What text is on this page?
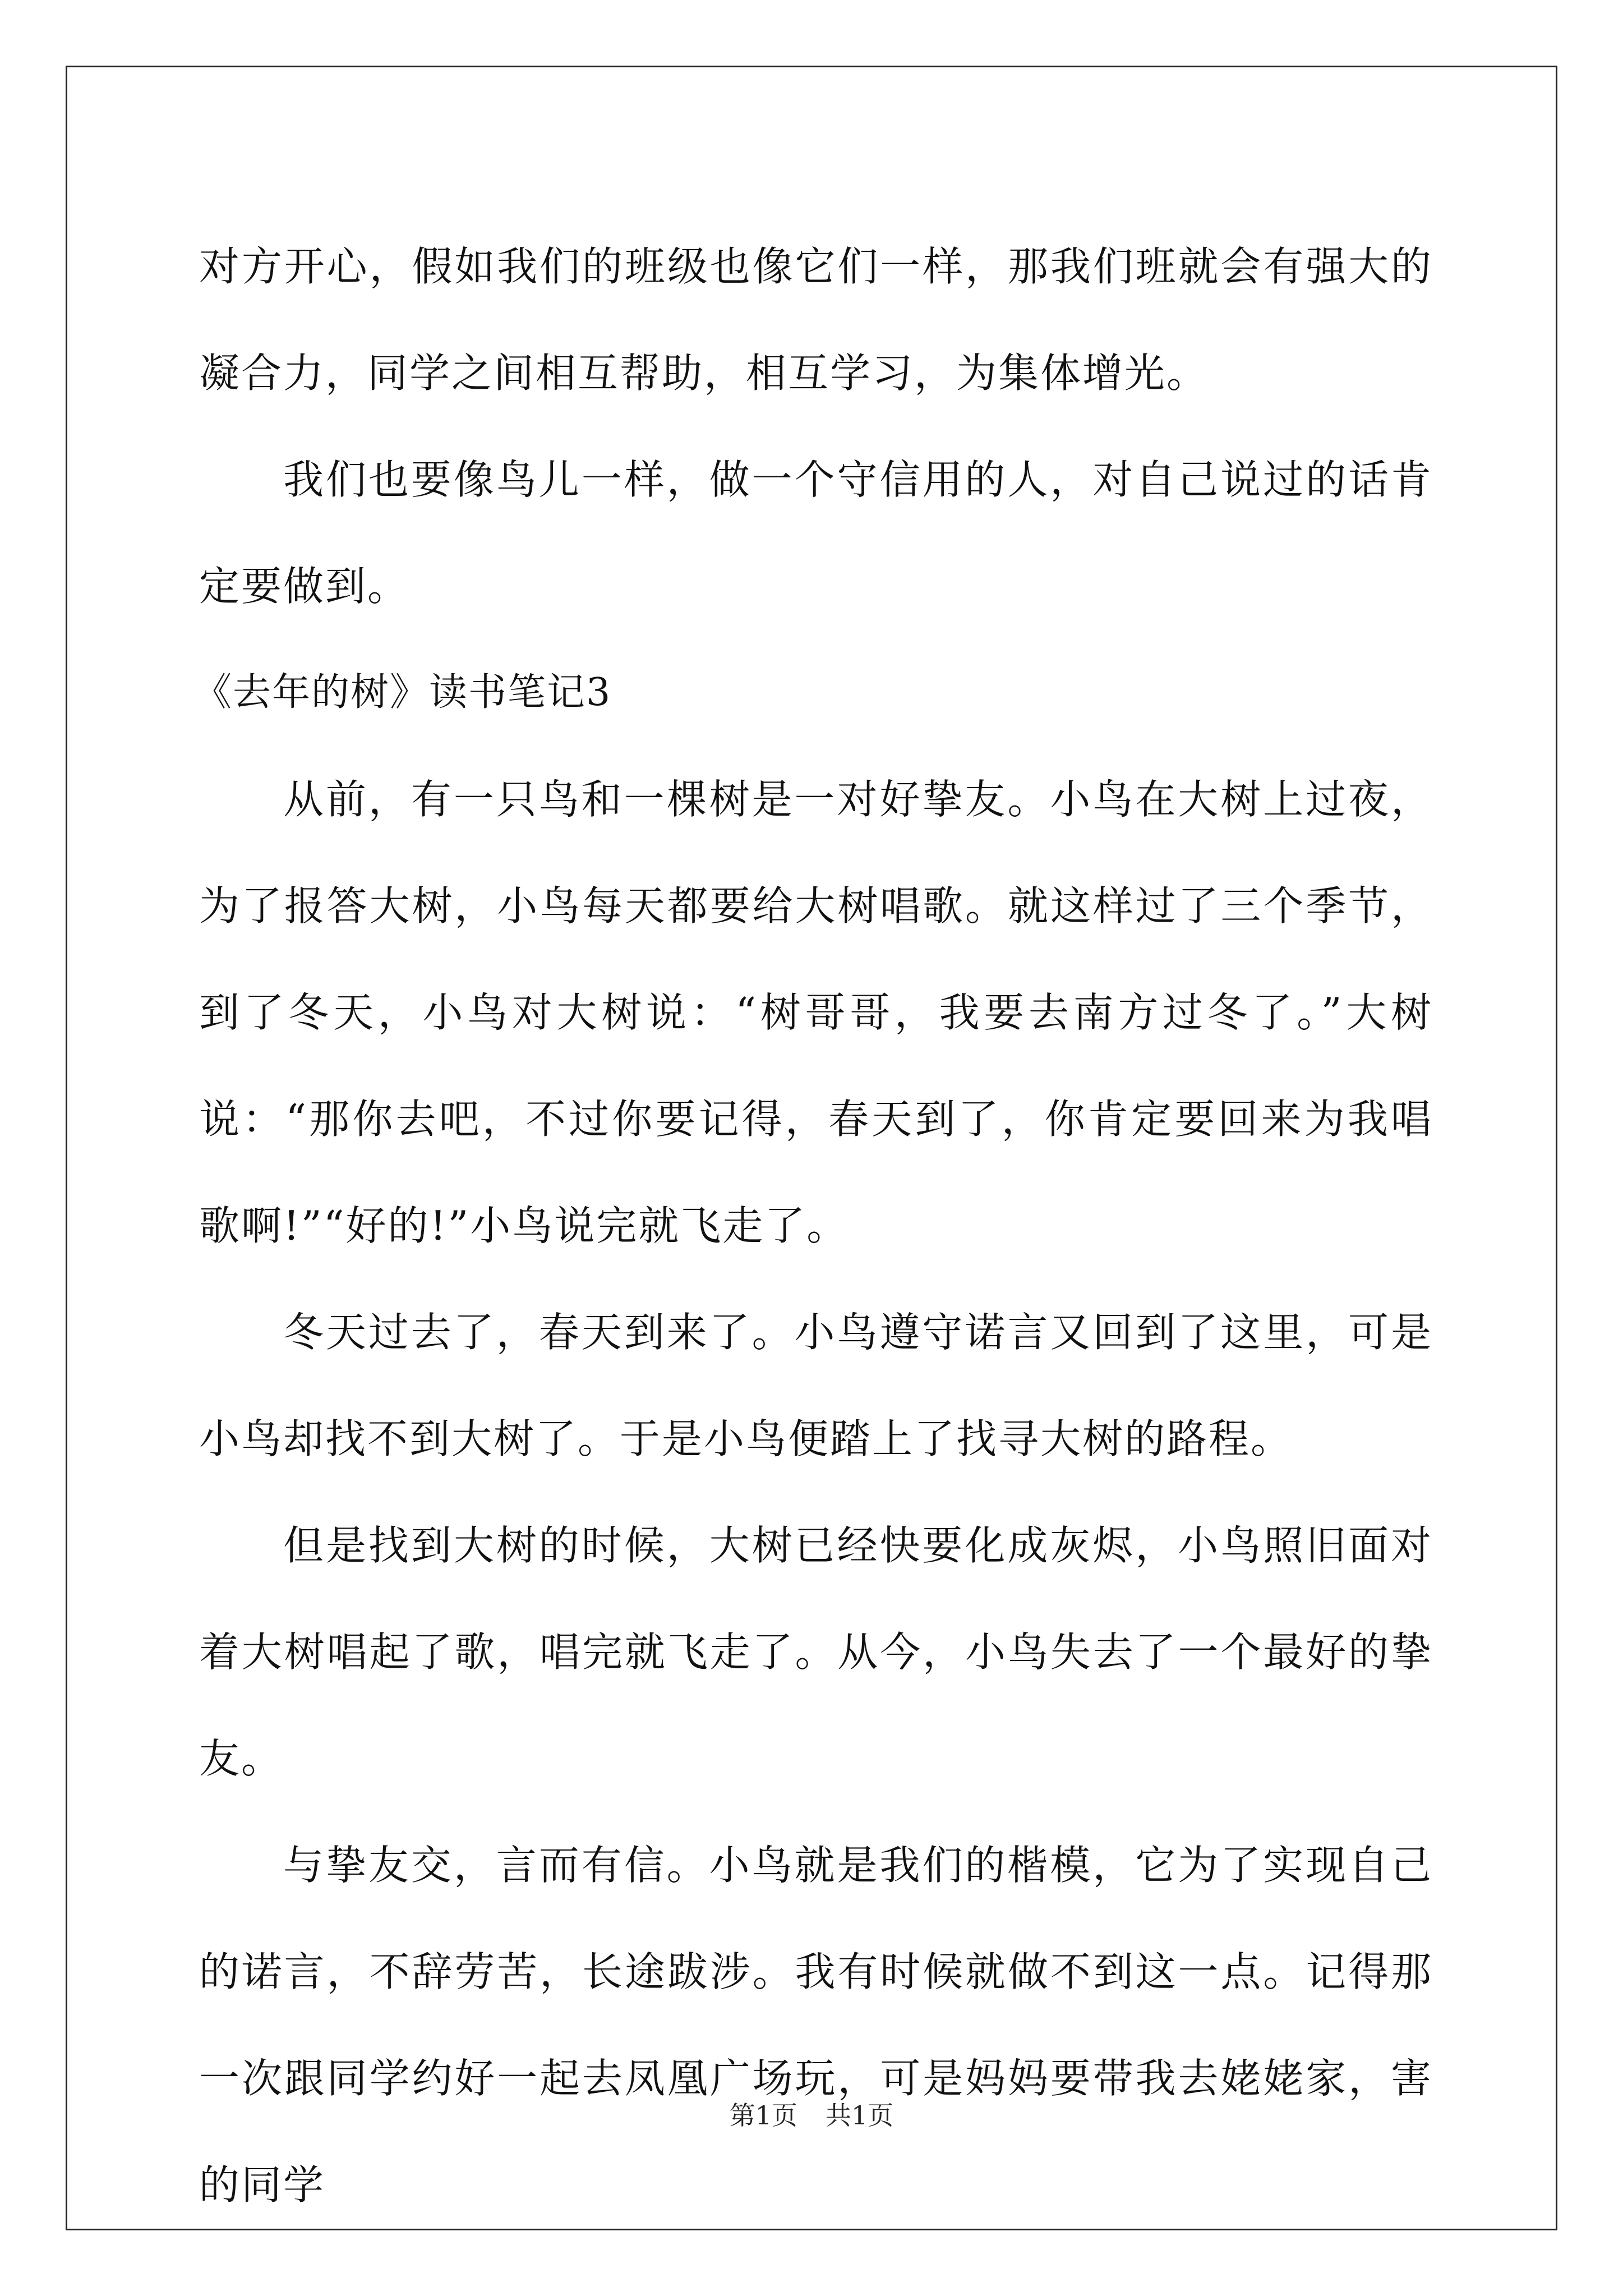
对方开心，假如我们的班级也像它们一样，那我们班就会有强大的凝合力，同学之间相互帮助，相互学习，为集体增光。

我们也要像鸟儿一样，做一个守信用的人，对自己说过的话肯定要做到。

《去年的树》读书笔记3

从前，有一只鸟和一棵树是一对好挚友。小鸟在大树上过夜，为了报答大树，小鸟每天都要给大树唱歌。就这样过了三个季节，到了冬天，小鸟对大树说：“树哥哥，我要去南方过冬了。”大树说：“那你去吧，不过你要记得，春天到了，你肯定要回来为我唱歌啊!”“好的!”小鸟说完就飞走了。

冬天过去了，春天到来了。小鸟遵守诺言又回到了这里，可是小鸟却找不到大树了。于是小鸟便踏上了找寻大树的路程。

但是找到大树的时候，大树已经快要化成灰烬，小鸟照旧面对着大树唱起了歌，唱完就飞走了。从今，小鸟失去了一个最好的挚友。

与挚友交，言而有信。小鸟就是我们的楷模，它为了实现自己的诺言，不辞劳苦，长途跋涉。我有时候就做不到这一点。记得那一次跟同学约好一起去凤凰广场玩，可是妈妈要带我去姥姥家，害的同学

第1页 共1页
